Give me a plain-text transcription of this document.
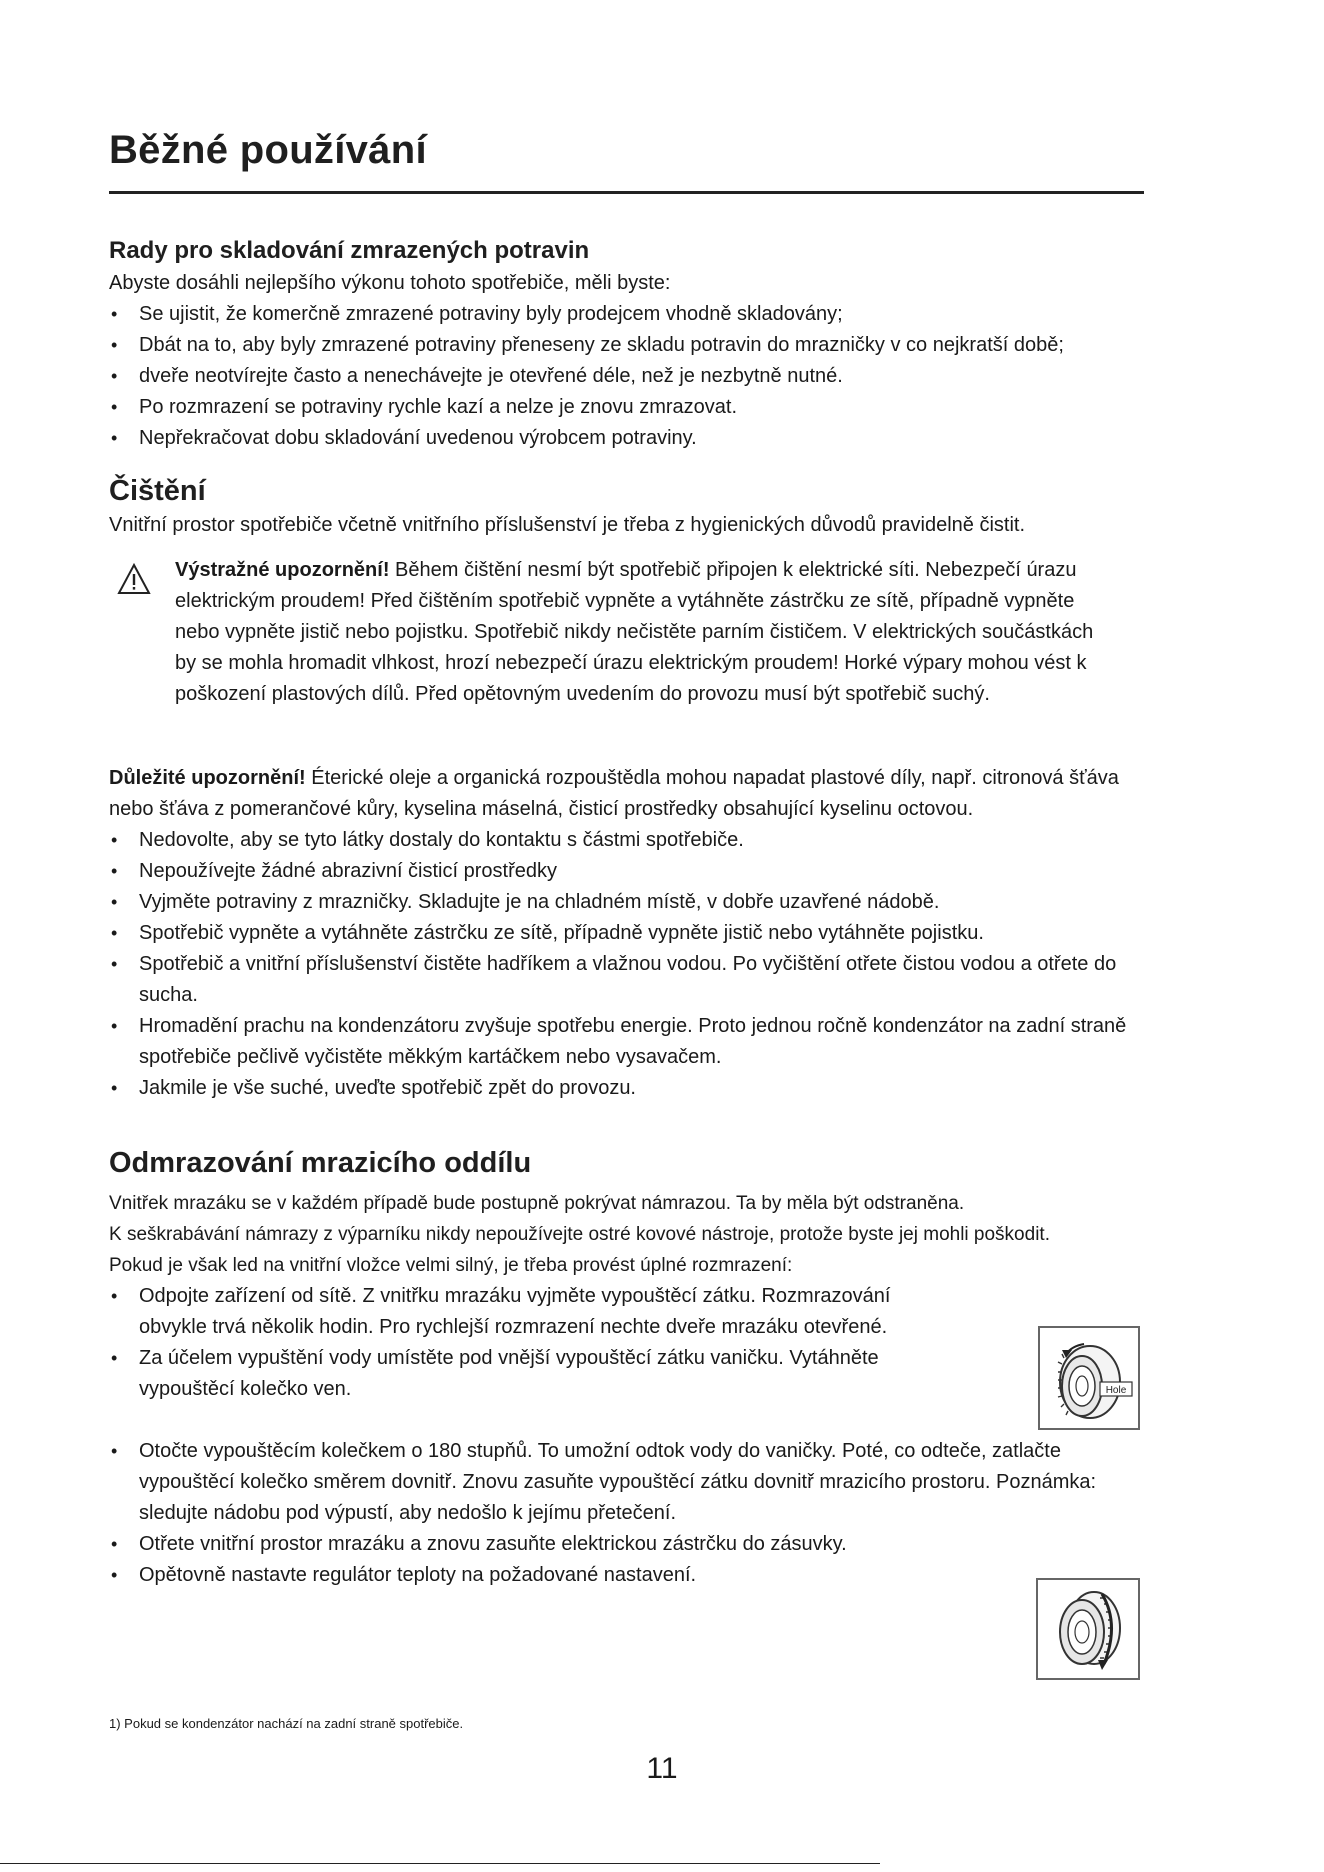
Běžné používání
Rady pro skladování zmrazených potravin

Abyste dosáhli nejlepšího výkonu tohoto spotřebiče, měli byste:

• Se ujistit, že komerčně zmrazené potraviny byly prodejcem vhodně skladovány;
• Dbát na to, aby byly zmrazené potraviny přeneseny ze skladu potravin do mrazničky v co nejkratší době;
• dveře neotvírejte často a nenechávejte je otevřené déle, než je nezbytně nutné.
• Po rozmrazení se potraviny rychle kazí a nelze je znovu zmrazovat.
• Nepřekračovat dobu skladování uvedenou výrobcem potraviny.
Čištění

Vnitřní prostor spotřebiče včetně vnitřního příslušenství je třeba z hygienických důvodů pravidelně čistit.

Výstražné upozornění! Během čištění nesmí být spotřebič připojen k elektrické síti. Nebezpečí úrazu elektrickým proudem! Před čištěním spotřebič vypněte a vytáhněte zástrčku ze sítě, případně vypněte nebo vypněte jistič nebo pojistku. Spotřebič nikdy nečistěte parním čističem. V elektrických součástkách by se mohla hromadit vlhkost, hrozí nebezpečí úrazu elektrickým proudem! Horké výpary mohou vést k poškození plastových dílů. Před opětovným uvedením do provozu musí být spotřebič suchý.

Důležité upozornění! Éterické oleje a organická rozpouštědla mohou napadat plastové díly, např. citronová šťáva nebo šťáva z pomerančové kůry, kyselina máselná, čisticí prostředky obsahující kyselinu octovou.

• Nedovolte, aby se tyto látky dostaly do kontaktu s částmi spotřebiče.
• Nepoužívejte žádné abrazivní čisticí prostředky
• Vyjměte potraviny z mrazničky. Skladujte je na chladném místě, v dobře uzavřené nádobě.
• Spotřebič vypněte a vytáhněte zástrčku ze sítě, případně vypněte jistič nebo vytáhněte pojistku.
• Spotřebič a vnitřní příslušenství čistěte hadříkem a vlažnou vodou. Po vyčištění otřete čistou vodou a otřete do sucha.
• Hromadění prachu na kondenzátoru zvyšuje spotřebu energie. Proto jednou ročně kondenzátor na zadní straně spotřebiče pečlivě vyčistěte měkkým kartáčkem nebo vysavačem.
• Jakmile je vše suché, uveďte spotřebič zpět do provozu.
Odmrazování mrazicího oddílu
Vnitřek mrazáku se v každém případě bude postupně pokrývat námrazou. Ta by měla být odstraněna.
K seškrabávání námrazy z výparníku nikdy nepoužívejte ostré kovové nástroje, protože byste jej mohli poškodit.
Pokud je však led na vnitřní vložce velmi silný, je třeba provést úplné rozmrazení:
• Odpojte zařízení od sítě. Z vnitřku mrazáku vyjměte vypouštěcí zátku. Rozmrazování obvykle trvá několik hodin. Pro rychlejší rozmrazení nechte dveře mrazáku otevřené.
• Za účelem vypuštění vody umístěte pod vnější vypouštěcí zátku vaničku. Vytáhněte vypouštěcí kolečko ven.
• Otočte vypouštěcím kolečkem o 180 stupňů. To umožní odtok vody do vaničky. Poté, co odteče, zatlačte vypouštěcí kolečko směrem dovnitř. Znovu zasuňte vypouštěcí zátku dovnitř mrazicího prostoru. Poznámka: sledujte nádobu pod výpustí, aby nedošlo k jejímu přetečení.
• Otřete vnitřní prostor mrazáku a znovu zasuňte elektrickou zástrčku do zásuvky.
• Opětovně nastavte regulátor teploty na požadované nastavení.
Hole
1) Pokud se kondenzátor nachází na zadní straně spotřebiče.
11
